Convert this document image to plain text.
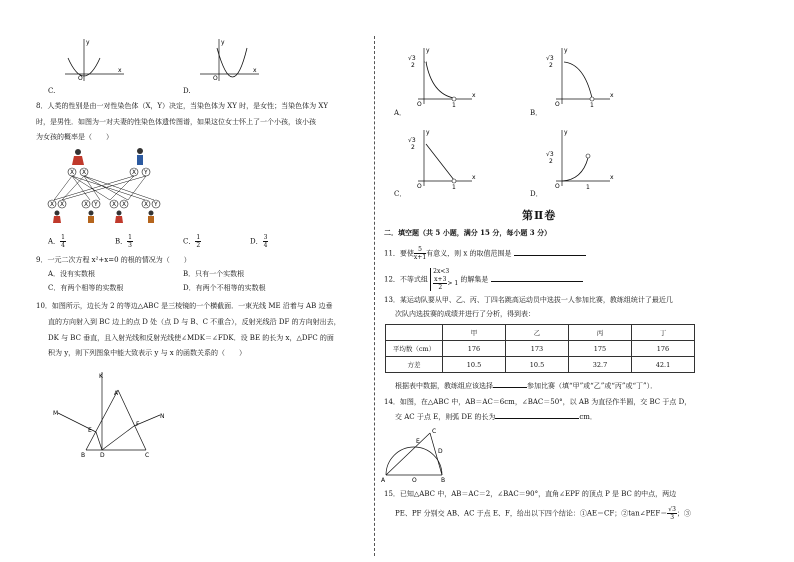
y
x
O
y
x
O
C.	D.
8．人类的性别是由一对性染色体（X，Y）决定，当染色体为 XY 时，是女性；当染色体为 XY
时，是男性．如图为一对夫妻的性染色体遗传图谱，如果这位女士怀上了一个小孩，该小孩
为女孩的概率是（　　）
X X	X Y
X X	X Y X X	X Y
A． $\frac{1}{4}$	B． $\frac{1}{3}$	C． $\frac{1}{2}$	D． $\frac{3}{4}$
9．一元二次方程 x²+x=0 的根的情况为（　　）
A．没有实数根	B．只有一个实数根
C．有两个相等的实数根	D．有两个不相等的实数根
10．如图所示，边长为 2 的等边△ABC 是三棱镜的一个横截面．一束光线 ME 沿着与 AB 边垂
直的方向射入到 BC 边上的点 D 处（点 D 与 B、C 不重合），反射光线沿 DF 的方向射出去，
DK 与 BC 垂直，且入射光线和反射光线使∠MDK＝∠FDK．设 BE 的长为 x，△DFC 的面
积为 y，则下列图象中能大致表示 y 与 x 的函数关系的（　　）
K
A
M	N
E
F
B D	C
y
x
O	1
√3
2
A．
y
x
O	1
√3
2
B．
y
x
O	1
√3
2
C．
y
x
O	1
√3
2
D．
第Ⅱ卷
二．填空题（共 5 小题，满分 15 分，每小题 3 分）
11．要使 $\frac{5}{x+1}$ 有意义，则 x 的取值范围是
12．不等式组
2x<3
$\frac{x+3}{2} > 1$ 的解集是
13．某运动队要从甲、乙、丙、丁四名跳高运动员中选拔一人参加比赛，教练组统计了最近几
次队内选拔赛的成绩并进行了分析，得到表：
	甲	乙	丙	丁
平均数（cm）	176	173	175	176
方差	10.5	10.5	32.7	42.1
根据表中数据，教练组应该选择	参加比赛（填“甲”或“乙”或“丙”或“丁”）．
14．如图，在△ABC 中，AB＝AC＝6cm，∠BAC＝50°，以 AB 为直径作半圆，交 BC 于点 D，
交 AC 于点 E，则弧 DE 的长为	cm．
A	B
O
C
D
E
15．已知△ABC 中，AB＝AC＝2，∠BAC＝90°，直角∠EPF 的顶点 P 是 BC 的中点，两边
PE、PF 分别交 AB、AC 于点 E、F，给出以下四个结论：①AE＝CF；②tan∠PEF＝ $\frac{√3}{3}$ ；③
